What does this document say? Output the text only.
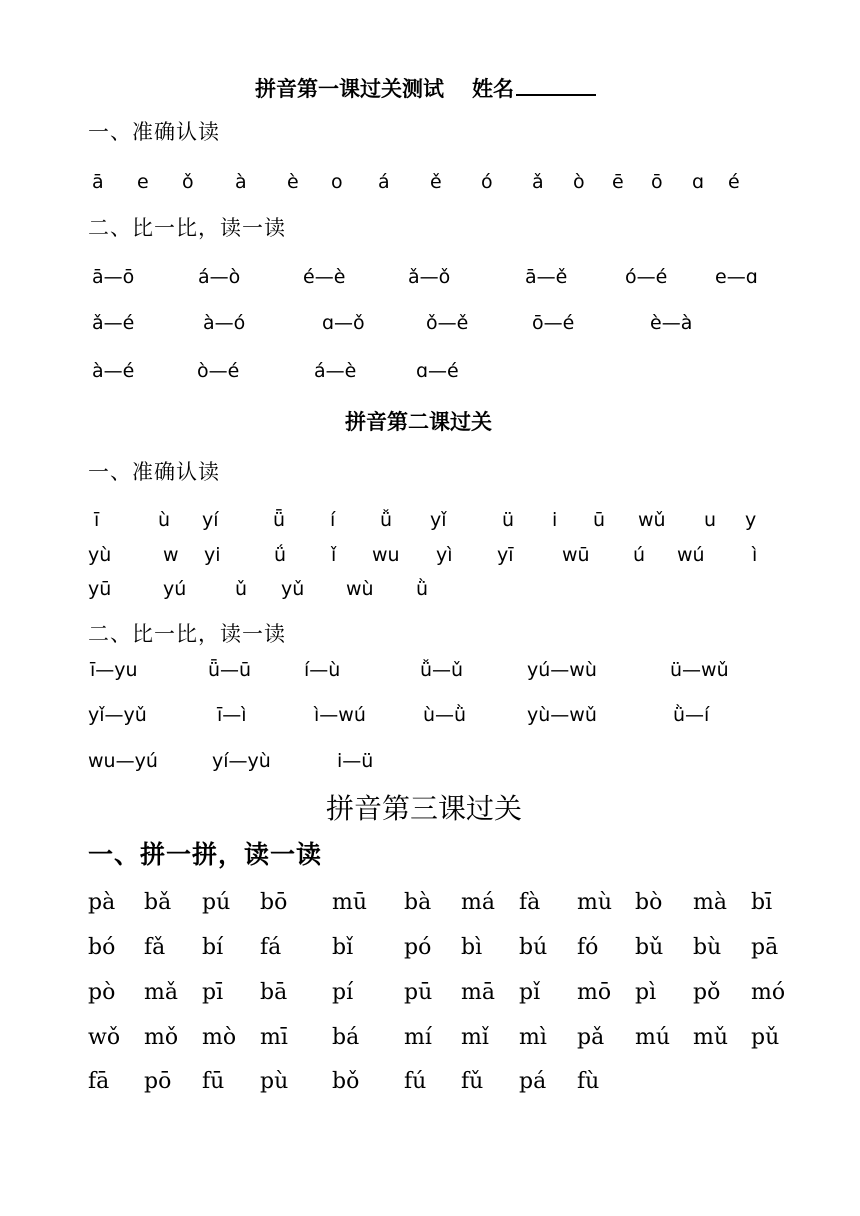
拼音第一课过关测试 姓名
一、准确认读
ā e ǒ à è o á ě ó ǎ ò ē ō ɑ é
二、比一比，读一读
ā—ō	á—ò	é—è	ǎ—ǒ	ā—ě	ó—é	e—ɑ
ǎ—é	à—ó	ɑ—ǒ	ǒ—ě	ō—é	è—à
à—é	ò—é	á—è	ɑ—é
拼音第二课过关
一、准确认读
ī	ù yí	ǖ í ǚ yǐ	ü i ū wǔ u y
yù	w yi	ǘ ǐ wu yì yī	wū ú wú ì
yū	yú	ǔ yǔ wù ǜ
二、比一比，读一读
ī—yu	ǖ—ū	í—ù	ǚ—ǔ	yú—wù	ü—wǔ
yǐ—yǔ	ī—ì	ì—wú	ù—ǜ	yù—wǔ	ǜ—í
wu—yú	yí—yù	i—ü
拼音第三课过关
一、拼一拼，读一读
pà bǎ pú bō mū bà má fà mù bò mà bī
bó fǎ bí fá bǐ pó bì bú fó bǔ bù pā
pò mǎ pī bā pí pū mā pǐ mō pì pǒ mó
wǒ mǒ mò mī bá mí mǐ mì pǎ mú mǔ pǔ
fā pō fū pù bǒ fú fǔ pá fù
